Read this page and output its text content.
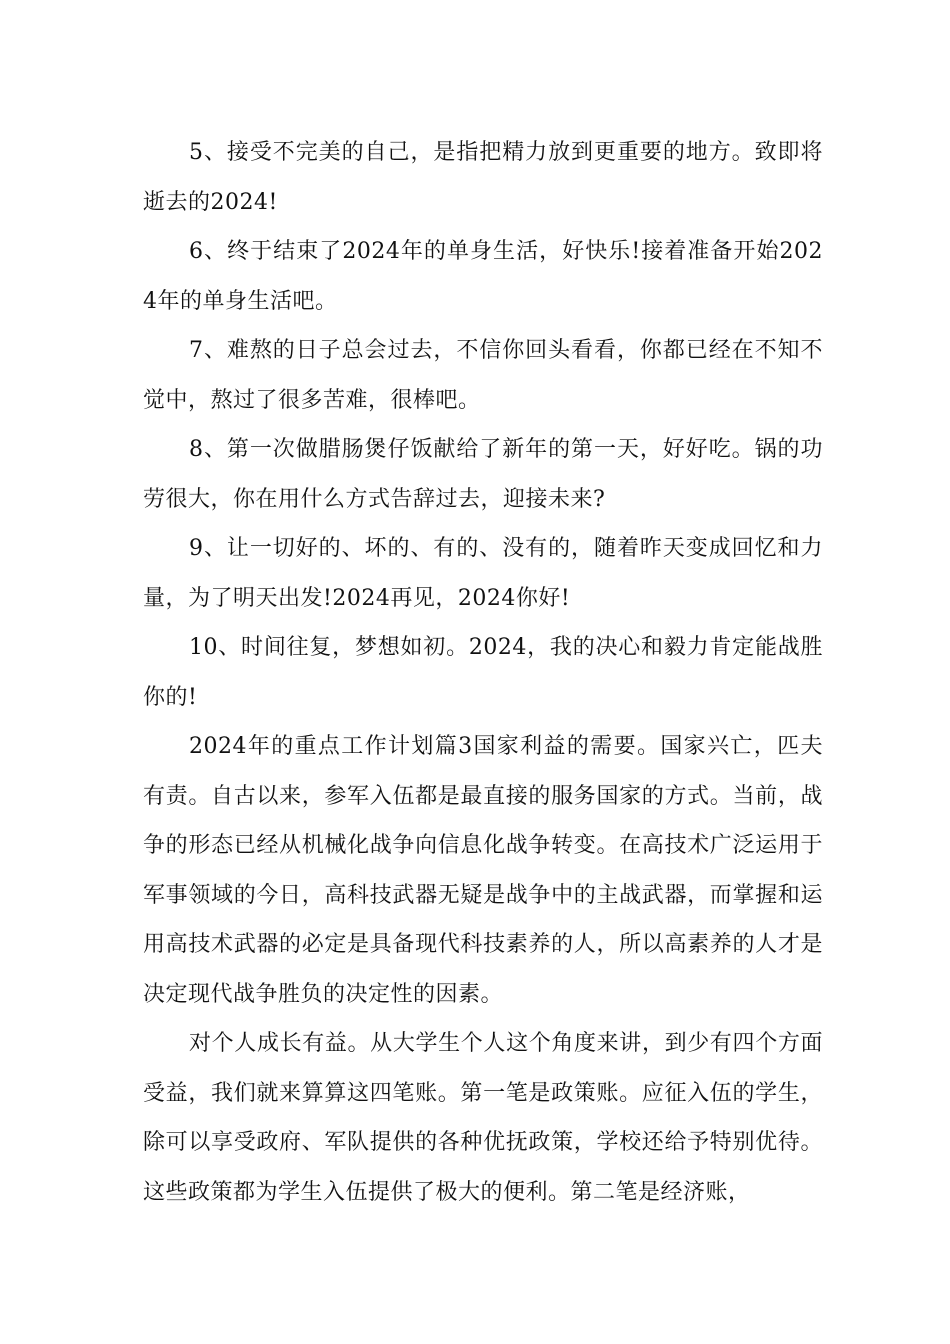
5、接受不完美的自己，是指把精力放到更重要的地方。致即将逝去的2024!

6、终于结束了2024年的单身生活，好快乐!接着准备开始2024年的单身生活吧。

7、难熬的日子总会过去，不信你回头看看，你都已经在不知不觉中，熬过了很多苦难，很棒吧。

8、第一次做腊肠煲仔饭献给了新年的第一天，好好吃。锅的功劳很大，你在用什么方式告辞过去，迎接未来?

9、让一切好的、坏的、有的、没有的，随着昨天变成回忆和力量，为了明天出发!2024再见，2024你好!

10、时间往复，梦想如初。2024，我的决心和毅力肯定能战胜你的!

2024年的重点工作计划篇3国家利益的需要。国家兴亡，匹夫有责。自古以来，参军入伍都是最直接的服务国家的方式。当前，战争的形态已经从机械化战争向信息化战争转变。在高技术广泛运用于军事领域的今日，高科技武器无疑是战争中的主战武器，而掌握和运用高技术武器的必定是具备现代科技素养的人，所以高素养的人才是决定现代战争胜负的决定性的因素。

对个人成长有益。从大学生个人这个角度来讲，到少有四个方面受益，我们就来算算这四笔账。第一笔是政策账。应征入伍的学生，除可以享受政府、军队提供的各种优抚政策，学校还给予特别优待。这些政策都为学生入伍提供了极大的便利。第二笔是经济账，
